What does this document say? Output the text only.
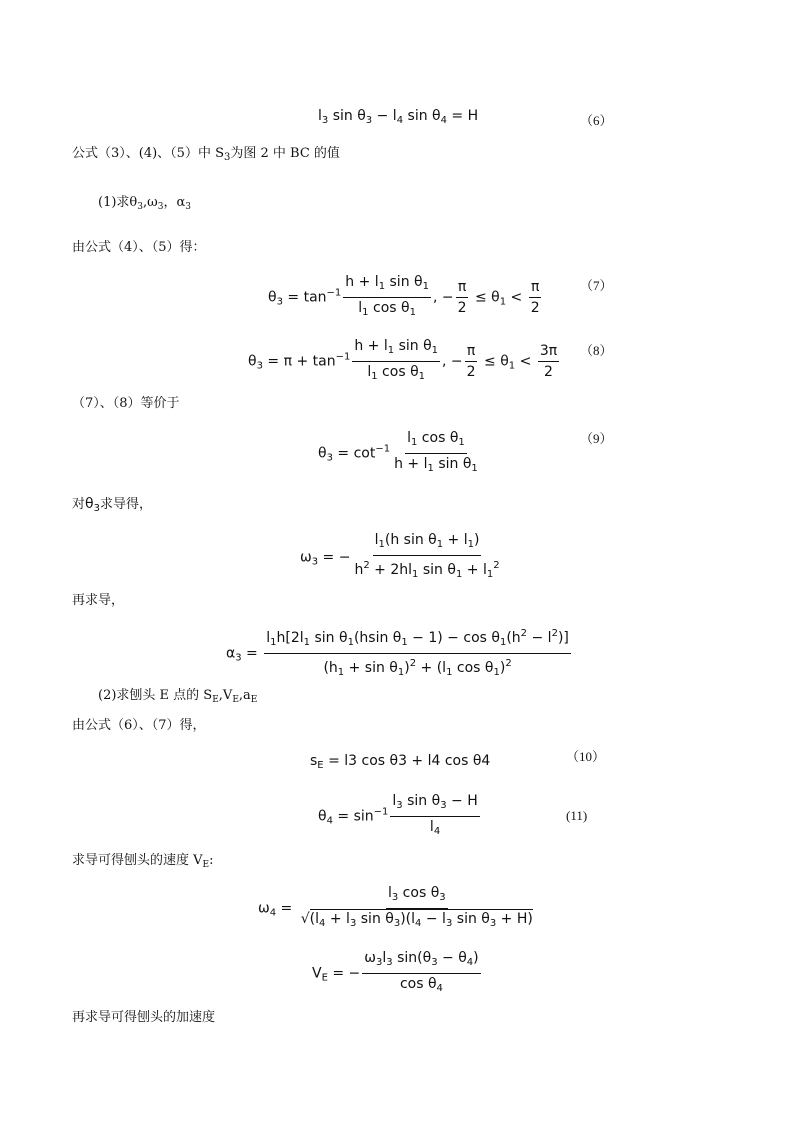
$l_3$ $\sin \theta_3 - l_4$ $\sin \theta_4 = H$	（6）
公式（3）、(4)、（5）中 $S_3$为图 2 中 BC 的值
(1)求$\theta_3,\omega_3$，$\alpha_3$
由公式（4）、（5）得：
$\theta_3 = \tan^{-1} \frac{h + l_1 \sin \theta_1}{l_1 \cos \theta_1}$ , − $\frac{\pi}{2} \le \theta_1 < \frac{\pi}{2}$	（7）
$\theta_3 = \pi + \tan^{-1} \frac{h + l_1 \sin \theta_1}{l_1 \cos \theta_1}$ , − $\frac{\pi}{2} \le \theta_1 < \frac{3\pi}{2} (8)$
（7）、（8）等价于
$\theta_3 = \cot^{-1} \frac{l_1 \cos \theta_1}{h + l_1 \sin \theta_1}$	（9）
对$\theta_3$求导得，
$\omega_3$ = − $\frac{l_1(h \sin \theta_1 + l_1)}{h^2 + 2hl_1 \sin \theta_1 + l_1^2}$
再求导，
$\alpha_3 = \frac{l_1h[2l_1 \sin \theta_1(hsin \theta_1 - 1) - \cos \theta_1(h^2 - l^2)]}{(h_1 + \sin \theta_1)^2 + (l_1 \cos \theta_1)^2}$
(2)求刨头 E 点的 $S_E,V_E,a_E$
由公式（6）、（7）得，
$s_E = l3$ cos θ3 + l4 cos θ4	（10）
$\theta_4 = \sin^{-1} \frac{l_3 \sin \theta_3 - H}{l_4}$	(11)
求导可得刨头的速度 $V_E$:
$\omega_4 = \frac{l_3 \cos \theta_3}{√(l_4 + l_3 \sin \theta_3)(l_4 - l_3 \sin \theta_3 + H)}$
$V_E$ = − $\frac{\omega_3l_3 \sin(\theta_3 - \theta_4)}{\cos \theta_4}$
再求导可得刨头的加速度
